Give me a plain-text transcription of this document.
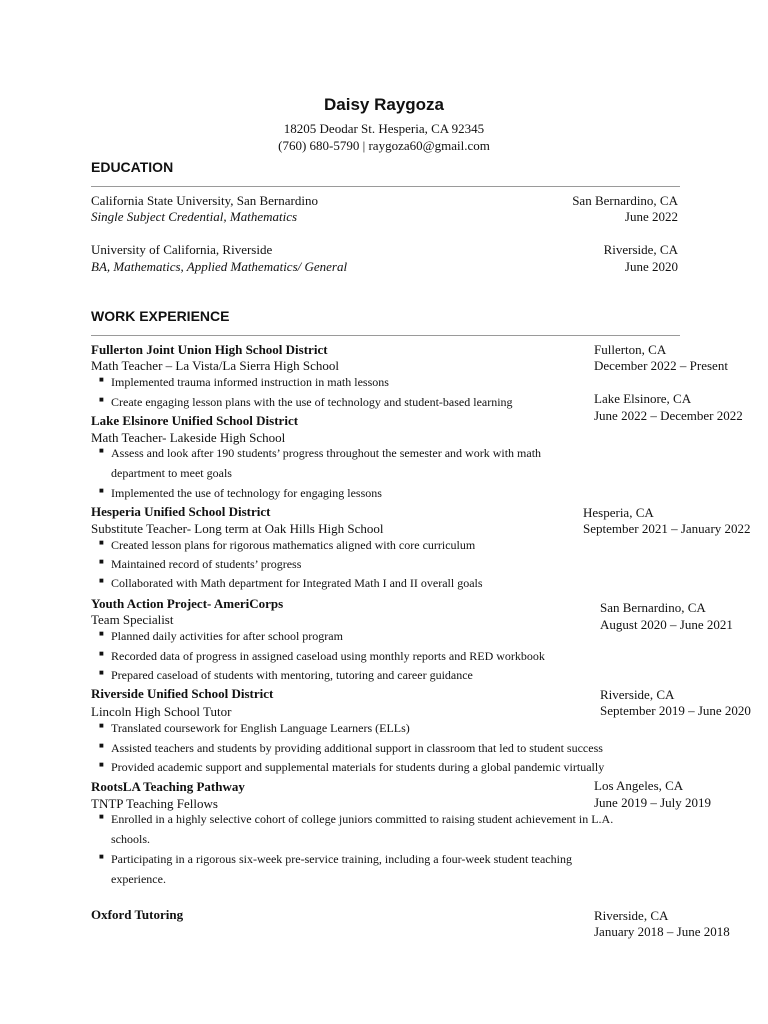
Daisy Raygoza
18205 Deodar St. Hesperia, CA 92345
(760) 680-5790 | raygoza60@gmail.com
EDUCATION
California State University, San Bernardino
Single Subject Credential, Mathematics
San Bernardino, CA
June 2022
University of California, Riverside
BA, Mathematics, Applied Mathematics/ General
Riverside, CA
June 2020
WORK EXPERIENCE
Fullerton Joint Union High School District
Math Teacher – La Vista/La Sierra High School
Fullerton, CA
December 2022 – Present
■ Implemented trauma informed instruction in math lessons
■ Create engaging lesson plans with the use of technology and student-based learning
Lake Elsinore Unified School District
Math Teacher- Lakeside High School
Lake Elsinore, CA
June 2022 – December 2022
■ Assess and look after 190 students’ progress throughout the semester and work with math
department to meet goals
■ Implemented the use of technology for engaging lessons
Hesperia Unified School District
Substitute Teacher- Long term at Oak Hills High School
Hesperia, CA
September 2021 – January 2022
■ Created lesson plans for rigorous mathematics aligned with core curriculum
■ Maintained record of students’ progress
■ Collaborated with Math department for Integrated Math I and II overall goals
Youth Action Project- AmeriCorps
Team Specialist
San Bernardino, CA
August 2020 – June 2021
■ Planned daily activities for after school program
■ Recorded data of progress in assigned caseload using monthly reports and RED workbook
■ Prepared caseload of students with mentoring, tutoring and career guidance
Riverside Unified School District
Lincoln High School Tutor
Riverside, CA
September 2019 – June 2020
■ Translated coursework for English Language Learners (ELLs)
■ Assisted teachers and students by providing additional support in classroom that led to student success
■ Provided academic support and supplemental materials for students during a global pandemic virtually
RootsLA Teaching Pathway
TNTP Teaching Fellows
Los Angeles, CA
June 2019 – July 2019
■ Enrolled in a highly selective cohort of college juniors committed to raising student achievement in L.A.
schools.
■ Participating in a rigorous six-week pre-service training, including a four-week student teaching
experience.
Oxford Tutoring	Riverside, CA
January 2018 – June 2018
